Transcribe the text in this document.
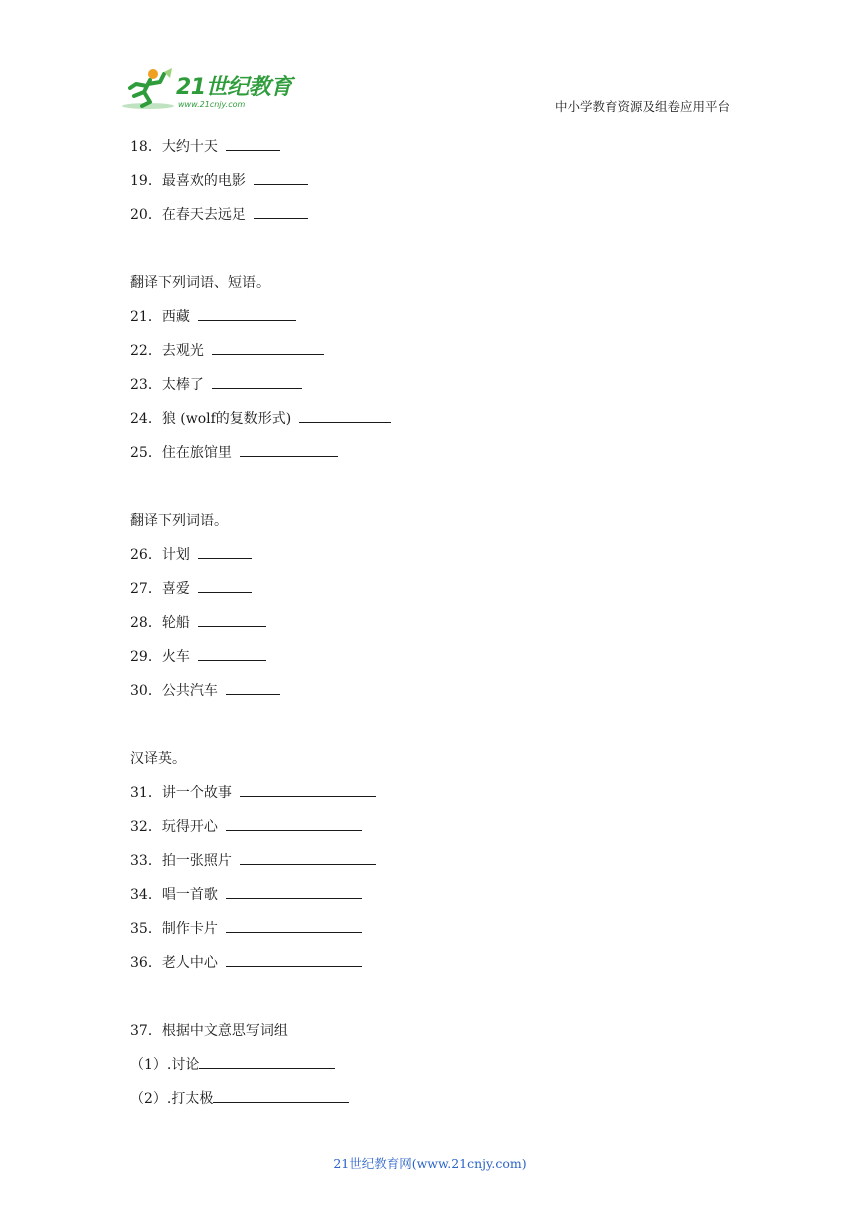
21世纪教育
www.21cnjy.com	中小学教育资源及组卷应用平台
18．大约十天
19．最喜欢的电影
20．在春天去远足
翻译下列词语、短语。
21．西藏
22．去观光
23．太棒了
24．狼 (wolf的复数形式)
25．住在旅馆里
翻译下列词语。
26．计划
27．喜爱
28．轮船
29．火车
30．公共汽车
汉译英。
31．讲一个故事
32．玩得开心
33．拍一张照片
34．唱一首歌
35．制作卡片
36．老人中心
37．根据中文意思写词组
（1）.讨论
（2）.打太极
21世纪教育网(www.21cnjy.com)
